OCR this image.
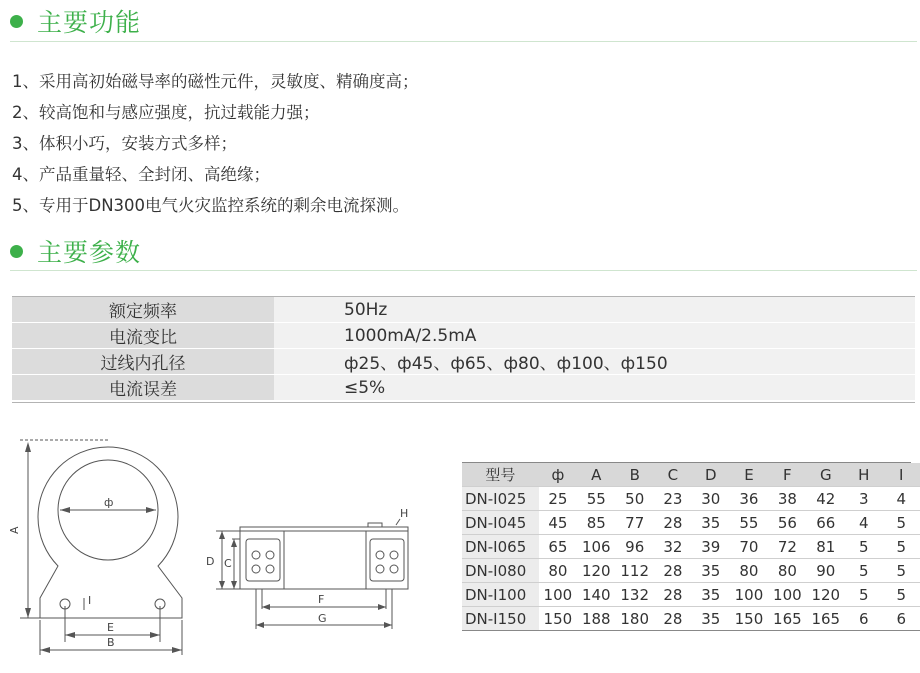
主要功能
1、采用高初始磁导率的磁性元件，灵敏度、精确度高；
2、较高饱和与感应强度，抗过载能力强；
3、体积小巧，安装方式多样；
4、产品重量轻、全封闭、高绝缘；
5、专用于DN300电气火灾监控系统的剩余电流探测。
主要参数
额定频率	50Hz
电流变比	1000mA/2.5mA
过线内孔径	ф25、ф45、ф65、ф80、ф100、ф150
电流误差	≤5%
ф
A
E
B
I
D C
H
F
G
型号	ф	A	B	C	D	E	F	G	H	I
DN-I025	25	55	50	23	30	36	38	42	3	4
DN-I045	45	85	77	28	35	55	56	66	4	5
DN-I065	65	106	96	32	39	70	72	81	5	5
DN-I080	80	120	112	28	35	80	80	90	5	5
DN-I100	100	140	132	28	35	100	100	120	5	5
DN-I150	150	188	180	28	35	150	165	165	6	6
